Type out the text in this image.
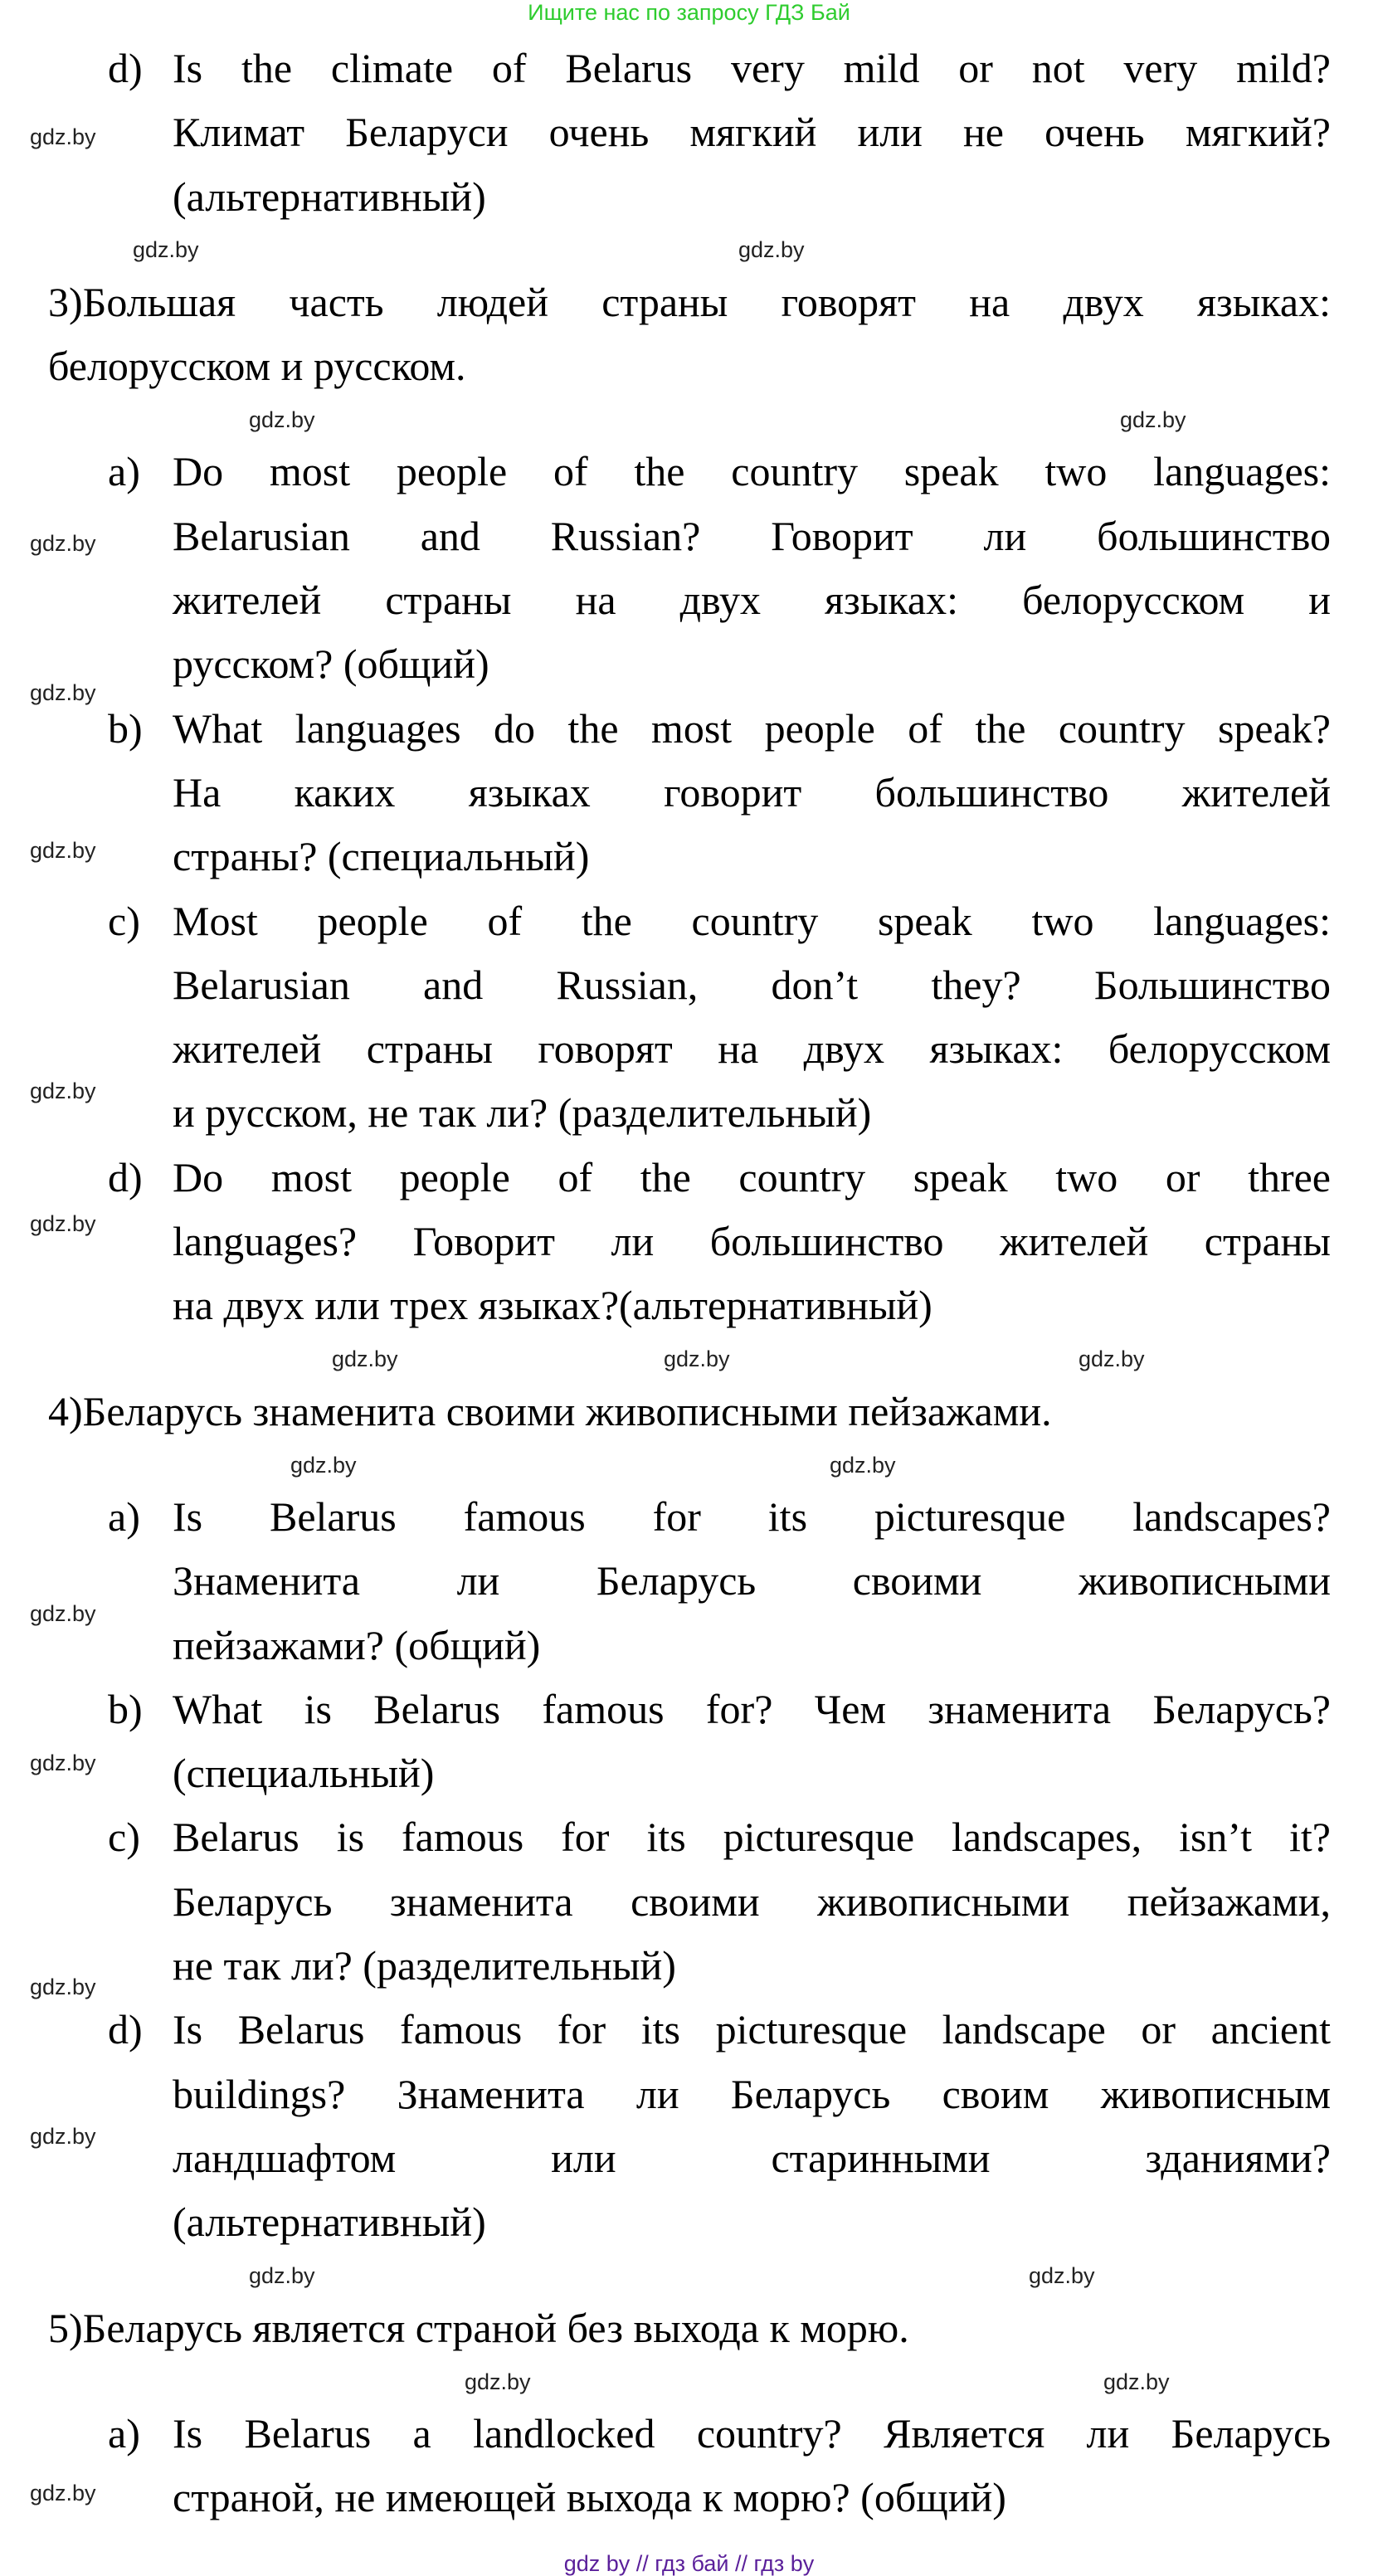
Ищите нас по запросу ГДЗ Бай
d) Is the climate of Belarus very mild or not very mild?
Климат Беларуси очень мягкий или не очень мягкий?
(альтернативный)
3)Большая часть людей страны говорят на двух языках:
белорусском и русском.
a) Do most people of the country speak two languages:
Belarusian and Russian? Говорит ли большинство
жителей страны на двух языках: белорусском и
русском? (общий)
b) What languages do the most people of the country speak?
На каких языках говорит большинство жителей
страны? (специальный)
c) Most people of the country speak two languages:
Belarusian and Russian, don’t they? Большинство
жителей страны говорят на двух языках: белорусском
и русском, не так ли? (разделительный)
d) Do most people of the country speak two or three
languages? Говорит ли большинство жителей страны
на двух или трех языках?(альтернативный)
4)Беларусь знаменита своими живописными пейзажами.
a) Is Belarus famous for its picturesque landscapes?
Знаменита ли Беларусь своими живописными
пейзажами? (общий)
b) What is Belarus famous for? Чем знаменита Беларусь?
(специальный)
c) Belarus is famous for its picturesque landscapes, isn’t it?
Беларусь знаменита своими живописными пейзажами,
не так ли? (разделительный)
d) Is Belarus famous for its picturesque landscape or ancient
buildings? Знаменита ли Беларусь своим живописным
ландшафтом или старинными зданиями?
(альтернативный)
5)Беларусь является страной без выхода к морю.
a) Is Belarus a landlocked country? Является ли Беларусь
страной, не имеющей выхода к морю? (общий)
gdz.by	gdz.by
gdz.by	gdz.by
gdz.by	gdz.by	gdz.by
gdz.by	gdz.by
gdz.by	gdz.by
gdz.by	gdz.by
gdz.by
gdz.by
gdz.by
gdz.by
gdz.by
gdz.by
gdz.by
gdz.by
gdz.by
gdz.by
gdz.by
gdz by // гдз бай // гдз by
